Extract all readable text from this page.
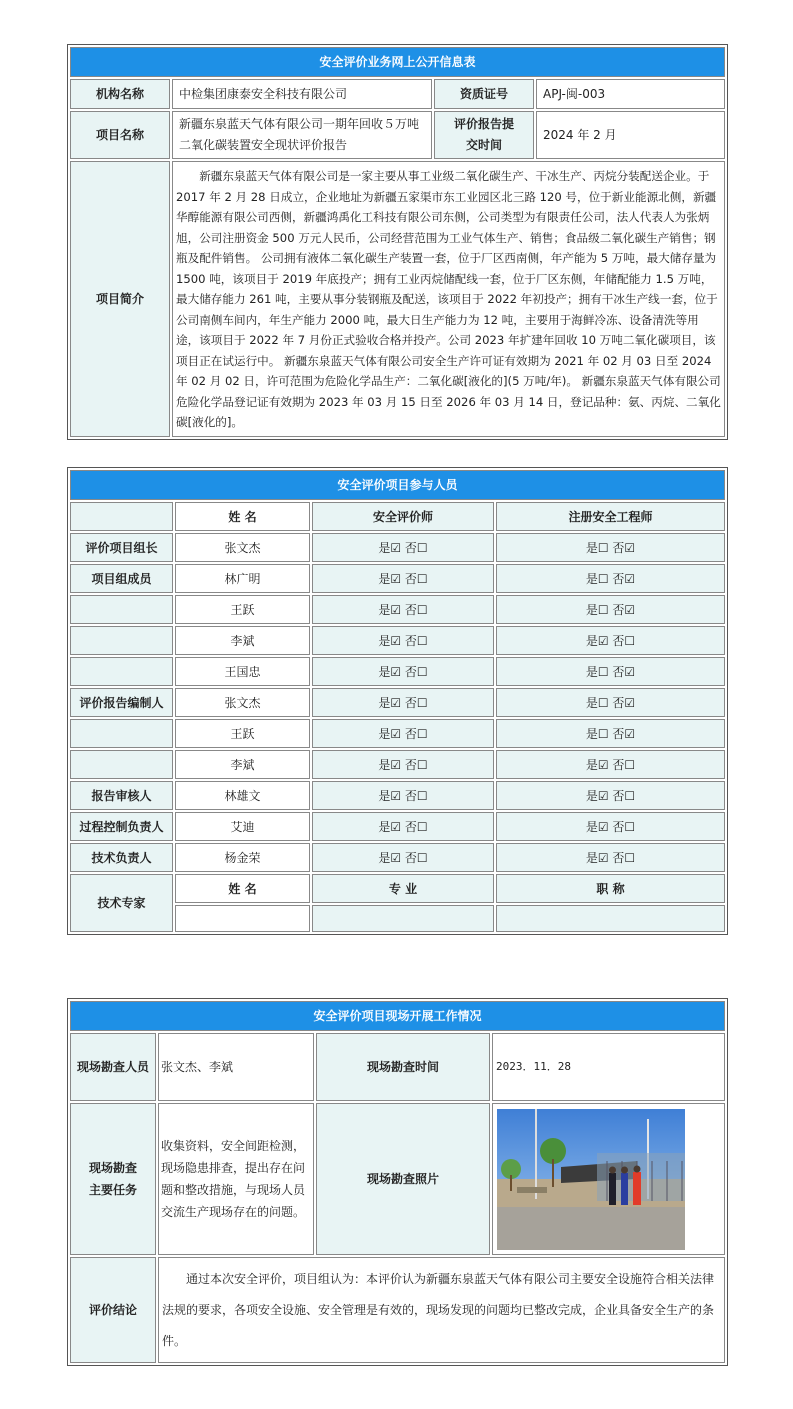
安全评价业务网上公开信息表			
机构名称	中检集团康泰安全科技有限公司	资质证号	APJ-闽-003
项目名称	新疆东泉蓝天气体有限公司一期年回收５万吨二氧化碳装置安全现状评价报告	评价报告提交时间	2024 年 2 月
项目简介	新疆东泉蓝天气体有限公司是一家主要从事工业级二氧化碳生产、干冰生产、丙烷分装配送企业。于 2017 年 2 月 28 日成立，企业地址为新疆五家渠市东工业园区北三路 120 号，位于新业能源北侧，新疆华醇能源有限公司西侧，新疆鸿禹化工科技有限公司东侧，公司类型为有限责任公司，法人代表人为张炳旭，公司注册资金 500 万元人民币，公司经营范围为工业气体生产、销售；食品级二氧化碳生产销售；钢瓶及配件销售。 公司拥有液体二氧化碳生产装置一套，位于厂区西南侧，年产能为 5 万吨，最大储存量为 1500 吨，该项目于 2019 年底投产；拥有工业丙烷储配线一套，位于厂区东侧，年储配能力 1.5 万吨，最大储存能力 261 吨，主要从事分装钢瓶及配送，该项目于 2022 年初投产；拥有干冰生产线一套，位于公司南侧车间内，年生产能力 2000 吨，最大日生产能力为 12 吨，主要用于海鲜冷冻、设备清洗等用途，该项目于 2022 年 7 月份正式验收合格并投产。公司 2023 年扩建年回收 10 万吨二氧化碳项目，该项目正在试运行中。 新疆东泉蓝天气体有限公司安全生产许可证有效期为 2021 年 02 月 03 日至 2024 年 02 月 02 日，许可范围为危险化学品生产：二氧化碳[液化的](5 万吨/年)。 新疆东泉蓝天气体有限公司危险化学品登记证有效期为 2023 年 03 月 15 日至 2026 年 03 月 14 日，登记品种：氨、丙烷、二氧化碳[液化的]。		
安全评价项目参与人员			
	姓 名	安全评价师	注册安全工程师
评价项目组长	张文杰	是☑ 否☐	是☐ 否☑
项目组成员	林广明	是☑ 否☐	是☐ 否☑
	王跃	是☑ 否☐	是☐ 否☑
	李斌	是☑ 否☐	是☑ 否☐
	王国忠	是☑ 否☐	是☐ 否☑
评价报告编制人	张文杰	是☑ 否☐	是☐ 否☑
	王跃	是☑ 否☐	是☐ 否☑
	李斌	是☑ 否☐	是☑ 否☐
报告审核人	林雄文	是☑ 否☐	是☑ 否☐
过程控制负责人	艾迪	是☑ 否☐	是☑ 否☐
技术负责人	杨金荣	是☑ 否☐	是☑ 否☐
技术专家	姓 名	专 业	职 称

安全评价项目现场开展工作情况			
现场勘查人员	张文杰、李斌	现场勘查时间	2023．11．28
现场勘查主要任务	收集资料，安全间距检测，现场隐患排查，提出存在问题和整改措施，与现场人员交流生产现场存在的问题。	现场勘查照片	

评价结论	通过本次安全评价，项目组认为：本评价认为新疆东泉蓝天气体有限公司主要安全设施符合相关法律法规的要求，各项安全设施、安全管理是有效的，现场发现的问题均已整改完成，企业具备安全生产的条件。		
